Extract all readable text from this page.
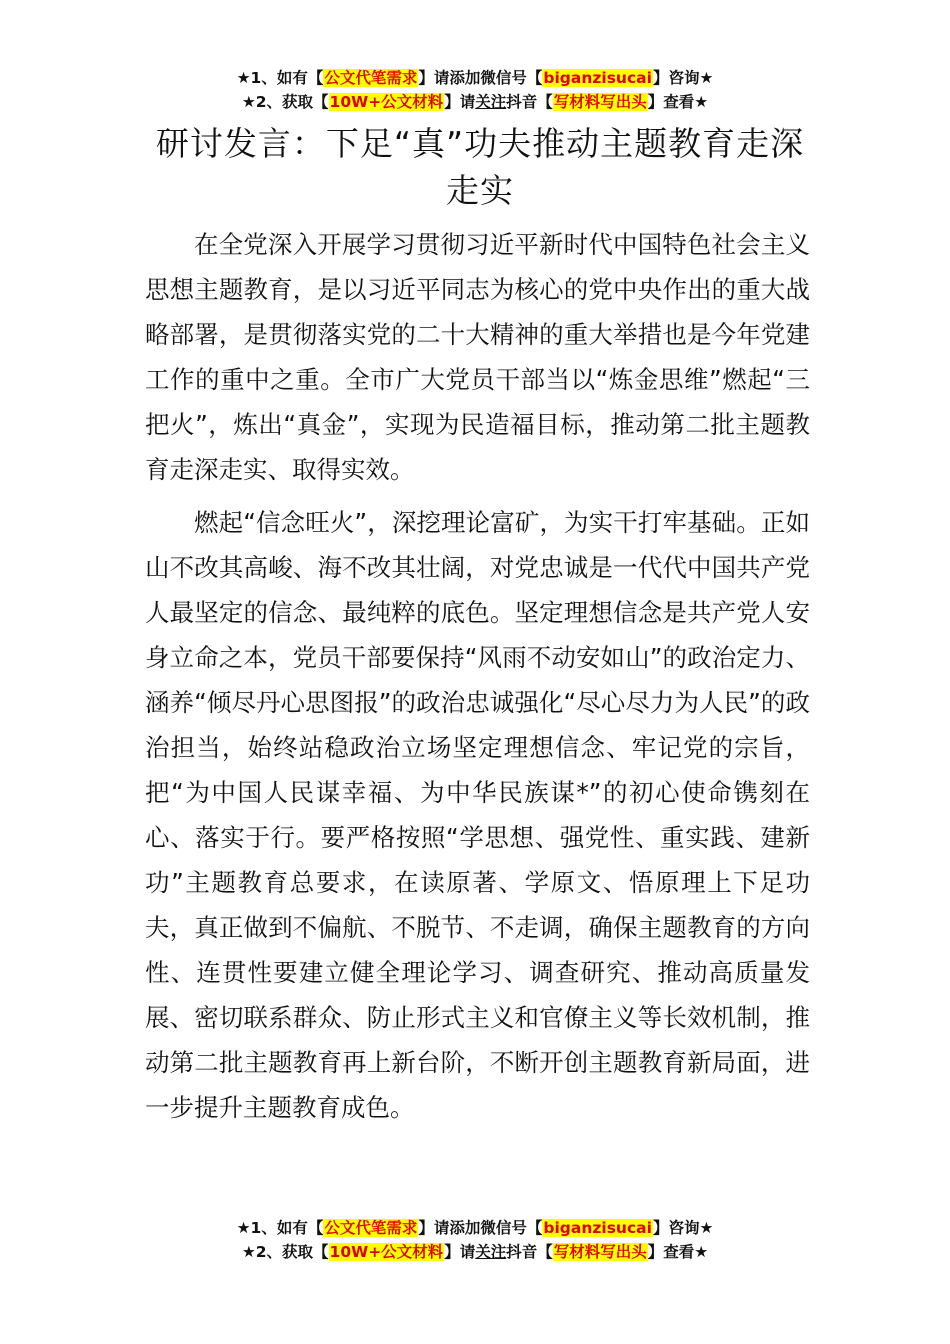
★1、如有【公文代笔需求】请添加微信号【biganzisucai】咨询★
★2、获取【10W+公文材料】请关注抖音【写材料写出头】查看★
研讨发言：下足“真”功夫推动主题教育走深走实

在全党深入开展学习贯彻习近平新时代中国特色社会主义思想主题教育，是以习近平同志为核心的党中央作出的重大战略部署，是贯彻落实党的二十大精神的重大举措也是今年党建工作的重中之重。全市广大党员干部当以“炼金思维”燃起“三把火”，炼出“真金”，实现为民造福目标，推动第二批主题教育走深走实、取得实效。

燃起“信念旺火”，深挖理论富矿，为实干打牢基础。正如山不改其高峻、海不改其壮阔，对党忠诚是一代代中国共产党人最坚定的信念、最纯粹的底色。坚定理想信念是共产党人安身立命之本，党员干部要保持“风雨不动安如山”的政治定力、涵养“倾尽丹心思图报”的政治忠诚强化“尽心尽力为人民”的政治担当，始终站稳政治立场坚定理想信念、牢记党的宗旨，把“为中国人民谋幸福、为中华民族谋*”的初心使命镌刻在心、落实于行。要严格按照“学思想、强党性、重实践、建新功”主题教育总要求，在读原著、学原文、悟原理上下足功夫，真正做到不偏航、不脱节、不走调，确保主题教育的方向性、连贯性要建立健全理论学习、调查研究、推动高质量发展、密切联系群众、防止形式主义和官僚主义等长效机制，推动第二批主题教育再上新台阶，不断开创主题教育新局面，进一步提升主题教育成色。

★1、如有【公文代笔需求】请添加微信号【biganzisucai】咨询★
★2、获取【10W+公文材料】请关注抖音【写材料写出头】查看★
